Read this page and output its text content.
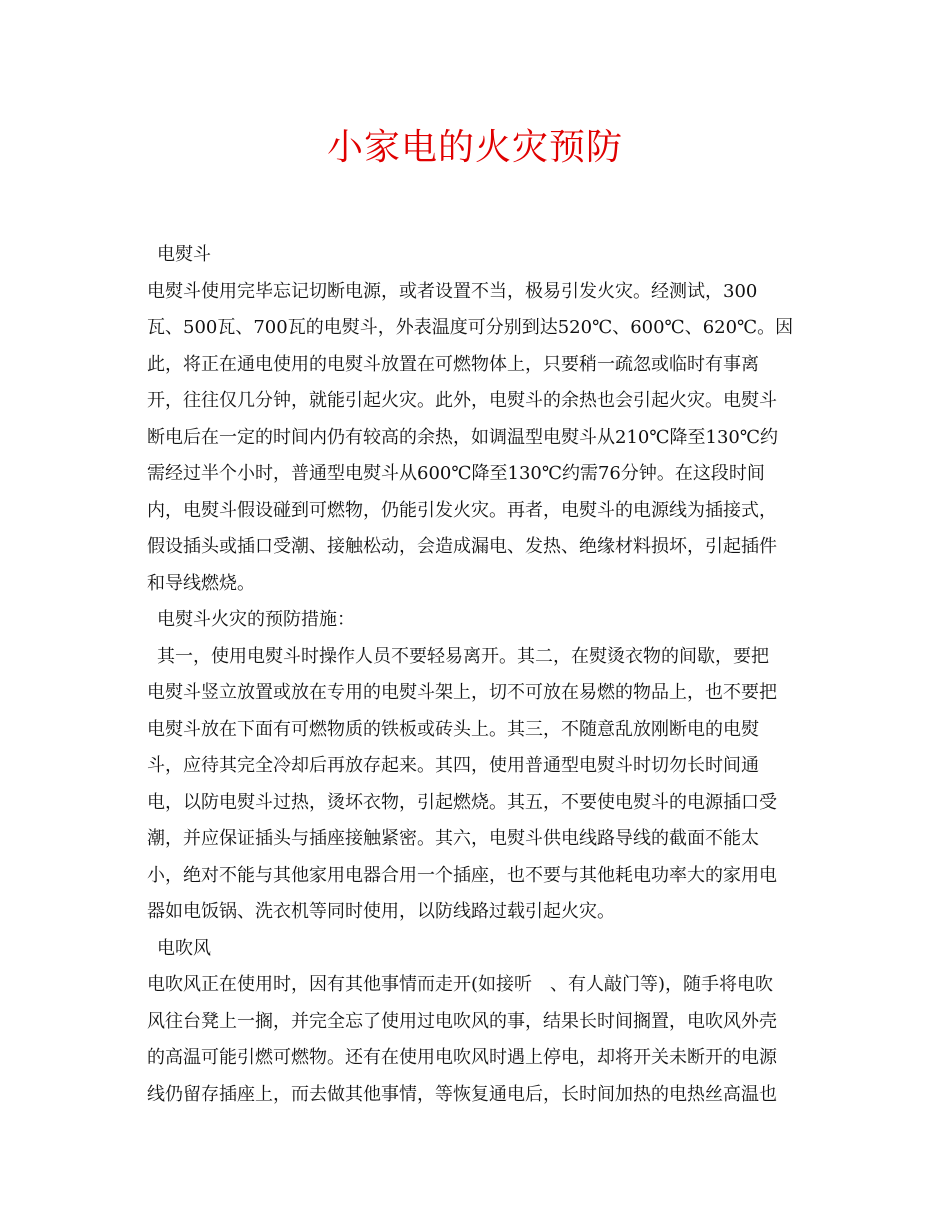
小家电的火灾预防
电熨斗
电熨斗使用完毕忘记切断电源，或者设置不当，极易引发火灾。经测试，300
瓦、500瓦、700瓦的电熨斗，外表温度可分别到达520℃、600℃、620℃。因
此，将正在通电使用的电熨斗放置在可燃物体上，只要稍一疏忽或临时有事离
开，往往仅几分钟，就能引起火灾。此外，电熨斗的余热也会引起火灾。电熨斗
断电后在一定的时间内仍有较高的余热，如调温型电熨斗从210℃降至130℃约
需经过半个小时，普通型电熨斗从600℃降至130℃约需76分钟。在这段时间
内，电熨斗假设碰到可燃物，仍能引发火灾。再者，电熨斗的电源线为插接式，
假设插头或插口受潮、接触松动，会造成漏电、发热、绝缘材料损坏，引起插件
和导线燃烧。
电熨斗火灾的预防措施：
其一，使用电熨斗时操作人员不要轻易离开。其二，在熨烫衣物的间歇，要把
电熨斗竖立放置或放在专用的电熨斗架上，切不可放在易燃的物品上，也不要把
电熨斗放在下面有可燃物质的铁板或砖头上。其三，不随意乱放刚断电的电熨
斗，应待其完全冷却后再放存起来。其四，使用普通型电熨斗时切勿长时间通
电，以防电熨斗过热，烫坏衣物，引起燃烧。其五，不要使电熨斗的电源插口受
潮，并应保证插头与插座接触紧密。其六，电熨斗供电线路导线的截面不能太
小，绝对不能与其他家用电器合用一个插座，也不要与其他耗电功率大的家用电
器如电饭锅、洗衣机等同时使用，以防线路过载引起火灾。
电吹风
电吹风正在使用时，因有其他事情而走开(如接听　、有人敲门等)，随手将电吹
风往台凳上一搁，并完全忘了使用过电吹风的事，结果长时间搁置，电吹风外壳
的高温可能引燃可燃物。还有在使用电吹风时遇上停电，却将开关未断开的电源
线仍留存插座上，而去做其他事情，等恢复通电后，长时间加热的电热丝高温也
